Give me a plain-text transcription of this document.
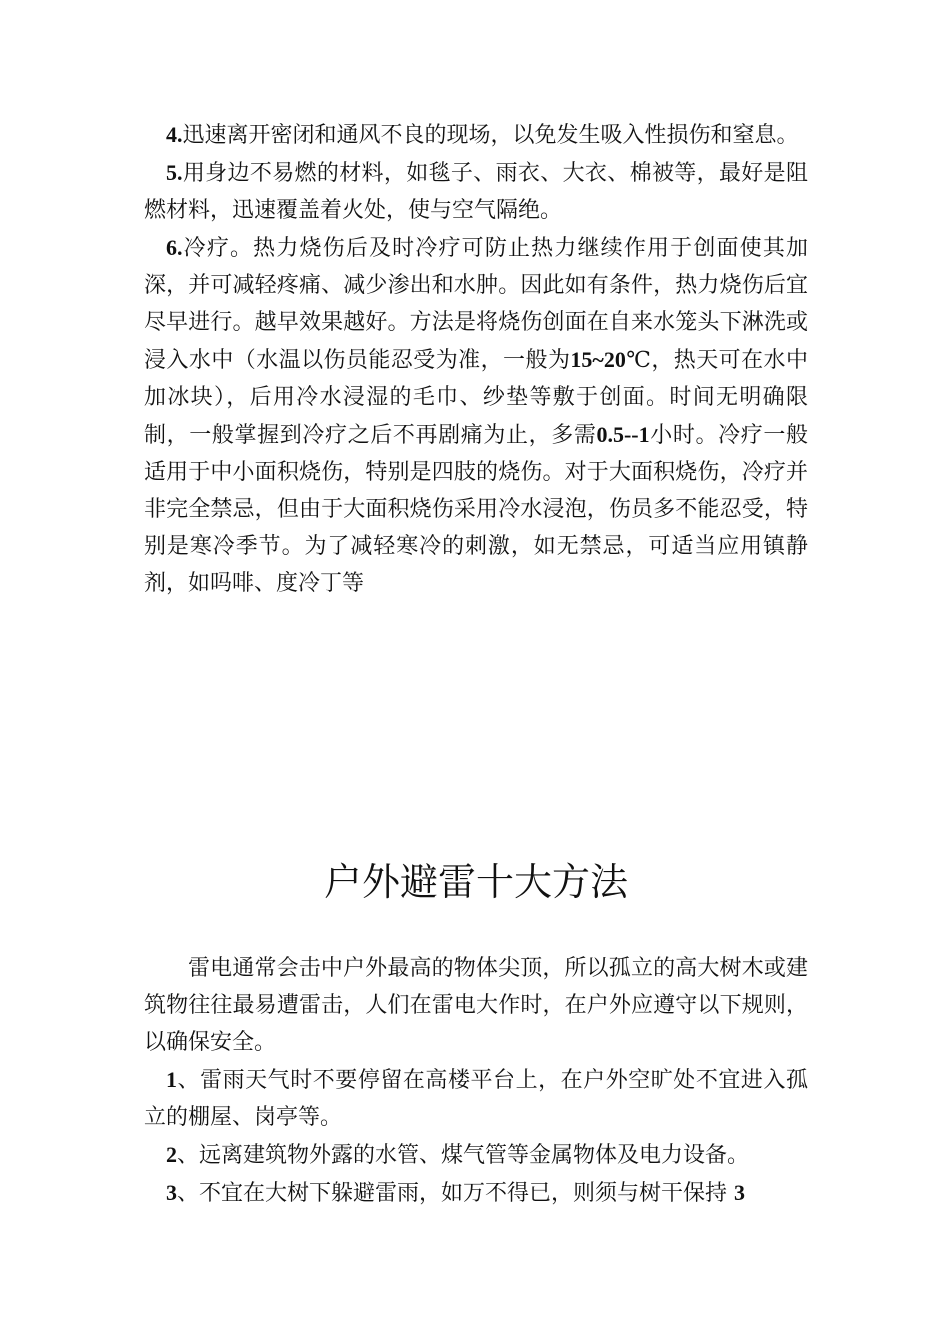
4.迅速离开密闭和通风不良的现场，以免发生吸入性损伤和窒息。

5.用身边不易燃的材料，如毯子、雨衣、大衣、棉被等，最好是阻燃材料，迅速覆盖着火处，使与空气隔绝。

6.冷疗。热力烧伤后及时冷疗可防止热力继续作用于创面使其加深，并可减轻疼痛、减少渗出和水肿。因此如有条件，热力烧伤后宜尽早进行。越早效果越好。方法是将烧伤创面在自来水笼头下淋洗或浸入水中（水温以伤员能忍受为准，一般为15~20℃，热天可在水中加冰块），后用冷水浸湿的毛巾、纱垫等敷于创面。时间无明确限制，一般掌握到冷疗之后不再剧痛为止，多需0.5--1小时。冷疗一般适用于中小面积烧伤，特别是四肢的烧伤。对于大面积烧伤，冷疗并非完全禁忌，但由于大面积烧伤采用冷水浸泡，伤员多不能忍受，特别是寒冷季节。为了减轻寒冷的刺激，如无禁忌，可适当应用镇静剂，如吗啡、度冷丁等

户外避雷十大方法

雷电通常会击中户外最高的物体尖顶，所以孤立的高大树木或建筑物往往最易遭雷击，人们在雷电大作时，在户外应遵守以下规则，以确保安全。

1、雷雨天气时不要停留在高楼平台上，在户外空旷处不宜进入孤立的棚屋、岗亭等。

2、远离建筑物外露的水管、煤气管等金属物体及电力设备。

3、不宜在大树下躲避雷雨，如万不得已，则须与树干保持 3
